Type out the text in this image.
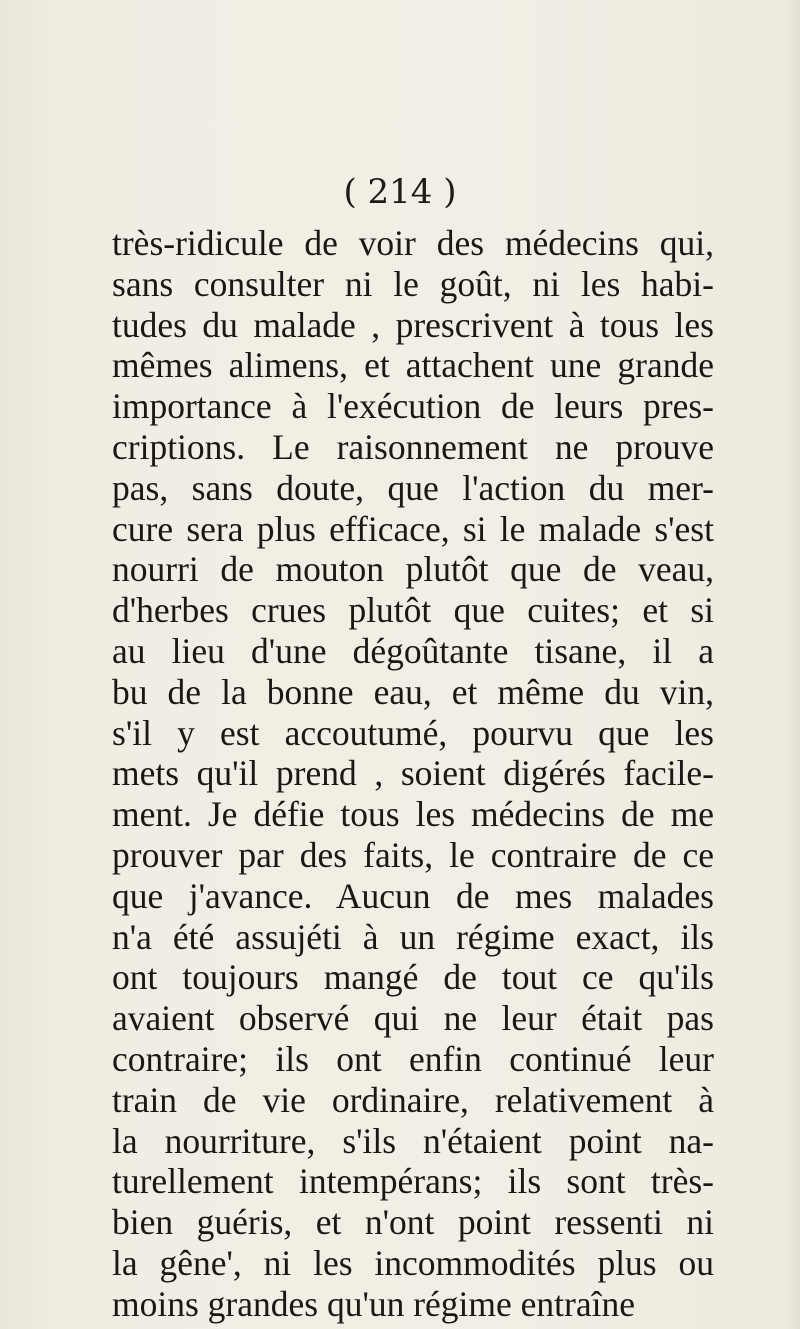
( 214 )
très-ridicule de voir des médecins qui,
sans consulter ni le goût, ni les habi-
tudes du malade , prescrivent à tous les
mêmes alimens, et attachent une grande
importance à l'exécution de leurs pres-
criptions. Le raisonnement ne prouve
pas, sans doute, que l'action du mer-
cure sera plus efficace, si le malade s'est
nourri de mouton plutôt que de veau,
d'herbes crues plutôt que cuites; et si
au lieu d'une dégoûtante tisane, il a
bu de la bonne eau, et même du vin,
s'il y est accoutumé, pourvu que les
mets qu'il prend , soient digérés facile-
ment. Je défie tous les médecins de me
prouver par des faits, le contraire de ce
que j'avance. Aucun de mes malades
n'a été assujéti à un régime exact, ils
ont toujours mangé de tout ce qu'ils
avaient observé qui ne leur était pas
contraire; ils ont enfin continué leur
train de vie ordinaire, relativement à
la nourriture, s'ils n'étaient point na-
turellement intempérans; ils sont très-
bien guéris, et n'ont point ressenti ni
la gêne', ni les incommodités plus ou
moins grandes qu'un régime entraîne
